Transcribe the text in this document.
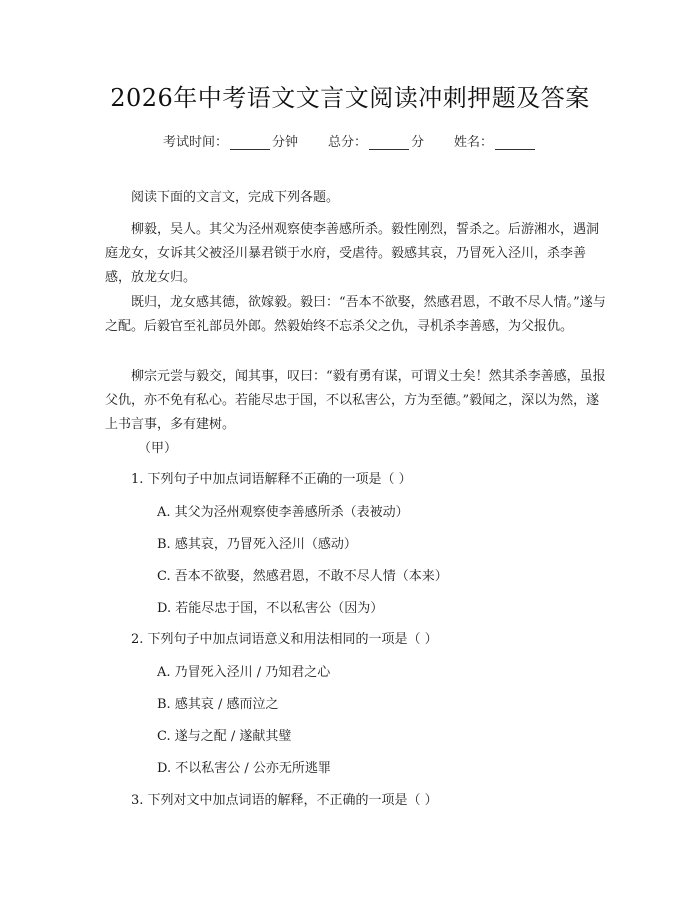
2026年中考语文文言文阅读冲刺押题及答案
考试时间：	分钟 总分：	分 姓名：
阅读下面的文言文，完成下列各题。

柳毅，吴人。其父为泾州观察使李善感所杀。毅性刚烈，誓杀之。后游湘水，遇洞庭龙女，女诉其父被泾川暴君锁于水府，受虐待。毅感其哀，乃冒死入泾川，杀李善感，放龙女归。

既归，龙女感其德，欲嫁毅。毅曰：“吾本不欲娶，然感君恩，不敢不尽人情。”遂与之配。后毅官至礼部员外郎。然毅始终不忘杀父之仇，寻机杀李善感，为父报仇。

柳宗元尝与毅交，闻其事，叹曰：“毅有勇有谋，可谓义士矣！然其杀李善感，虽报父仇，亦不免有私心。若能尽忠于国，不以私害公，方为至德。”毅闻之，深以为然，遂上书言事，多有建树。

（甲）
1. 下列句子中加点词语解释不正确的一项是（ ）
A. 其父为泾州观察使李善感所杀（表被动）
B. 感其哀，乃冒死入泾川（感动）
C. 吾本不欲娶，然感君恩，不敢不尽人情（本来）
D. 若能尽忠于国，不以私害公（因为）
2. 下列句子中加点词语意义和用法相同的一项是（ ）
A. 乃冒死入泾川 / 乃知君之心
B. 感其哀 / 感而泣之
C. 遂与之配 / 遂献其璧
D. 不以私害公 / 公亦无所逃罪
3. 下列对文中加点词语的解释，不正确的一项是（ ）
